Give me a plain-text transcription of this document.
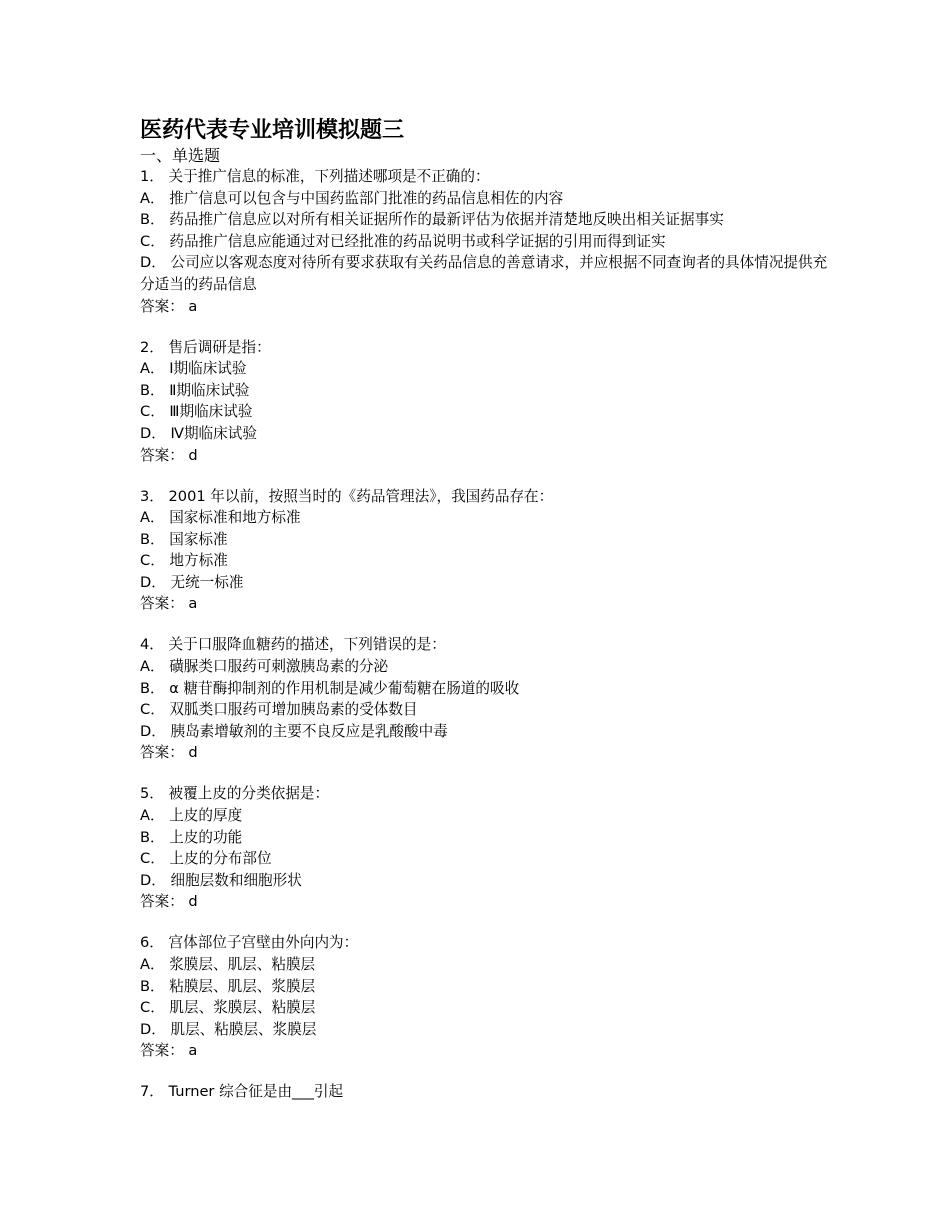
医药代表专业培训模拟题三
一、单选题
1． 关于推广信息的标准，下列描述哪项是不正确的：
A． 推广信息可以包含与中国药监部门批准的药品信息相佐的内容
B． 药品推广信息应以对所有相关证据所作的最新评估为依据并清楚地反映出相关证据事实
C． 药品推广信息应能通过对已经批准的药品说明书或科学证据的引用而得到证实
D． 公司应以客观态度对待所有要求获取有关药品信息的善意请求，并应根据不同查询者的具体情况提供充分适当的药品信息
答案： a
2． 售后调研是指：
A． Ⅰ期临床试验
B． Ⅱ期临床试验
C． Ⅲ期临床试验
D． Ⅳ期临床试验
答案： d
3． 2001 年以前，按照当时的《药品管理法》，我国药品存在：
A． 国家标准和地方标准
B． 国家标准
C． 地方标准
D． 无统一标准
答案： a
4． 关于口服降血糖药的描述，下列错误的是：
A． 磺脲类口服药可刺激胰岛素的分泌
B． α 糖苷酶抑制剂的作用机制是减少葡萄糖在肠道的吸收
C． 双胍类口服药可增加胰岛素的受体数目
D． 胰岛素增敏剂的主要不良反应是乳酸酸中毒
答案： d
5． 被覆上皮的分类依据是：
A． 上皮的厚度
B． 上皮的功能
C． 上皮的分布部位
D． 细胞层数和细胞形状
答案： d
6． 宫体部位子宫壁由外向内为：
A． 浆膜层、肌层、粘膜层
B． 粘膜层、肌层、浆膜层
C． 肌层、浆膜层、粘膜层
D． 肌层、粘膜层、浆膜层
答案： a
7． Turner 综合征是由___引起
